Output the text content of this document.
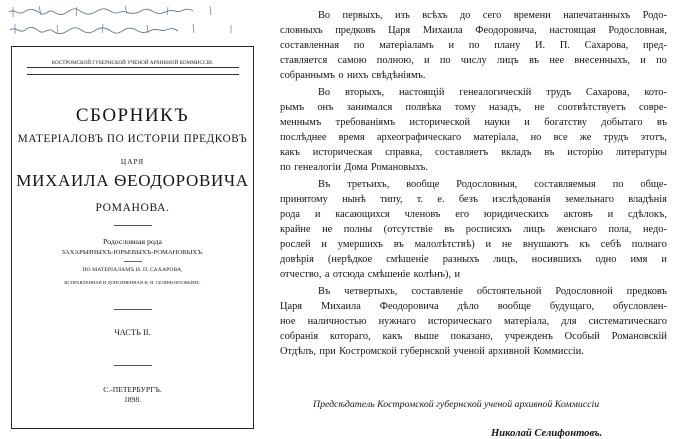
КОСТРОМСКОЙ ГУБЕРНСКОЙ УЧЕНОЙ АРХИВНОЙ КОММИССІИ.
СБОРНИКЪ
МАТЕРІАЛОВЪ ПО ИСТОРІИ ПРЕДКОВЪ
ЦАРЯ
МИХАИЛА ѲЕОДОРОВИЧА
РОМАНОВА.
Родословная рода
ЗАХАРЬИНЫХЪ-ЮРЬЕВЫХЪ-РОМАНОВЫХЪ.
ПО МАТЕРІАЛАМЪ И. П. САХАРОВА,
ИСПРАВЛЕННАЯ И ДОПОЛНЕННАЯ Н. Н. СЕЛИФОНТОВЫМЪ.
ЧАСТЬ II.
С.-ПЕТЕРБУРГЪ.
1898.
Во первыхъ, изъ всѣхъ до сего времени напечатанныхъ Родо-
словныхъ предковъ Царя Михаила Феодоровича, настоящая Родословная,
составленная по матеріаламъ и по плану И. П. Сахарова, пред-
ставляется самою полною, и по числу лицъ въ нее внесенныхъ, и по
собраннымъ о нихъ свѣдѣніямъ.
Во вторыхъ, настоящій генеалогическій трудъ Сахарова, кото-
рымъ онъ занимался полвѣка тому назадъ, не соотвѣтствуетъ совре-
меннымъ требованіямъ исторической науки и богатству добытаго въ
послѣднее время археографическаго матеріала, но все же трудъ этотъ,
какъ историческая справка, составляетъ вкладъ въ исторію литературы
по генеалогіи Дома Романовыхъ.
Въ третьихъ, вообще Родословныя, составляемыя по обще-
принятому нынѣ типу, т. е. безъ изслѣдованія земельнаго владѣнія
рода и касающихся членовъ его юридическихъ актовъ и сдѣлокъ,
крайне не полны (отсутствіе въ росписяхъ лицъ женскаго пола, недо-
рослей и умершихъ въ малолѣтствѣ) и не внушаютъ къ себѣ полнаго
довѣрія (нерѣдкое смѣшеніе разныхъ лицъ, носившихъ одно имя и
отчество, а отсюда смѣшеніе колѣнъ), и
Въ четвертыхъ, составленіе обстоятельной Родословной предковъ
Царя Михаила Феодоровича дѣло вообще будущаго, обусловлен-
ное наличностью нужнаго историческаго матеріала, для систематическаго
собранія котораго, какъ выше показано, учрежденъ Особый Романовскій
Отдѣлъ, при Костромской губернской ученой архивной Коммиссіи.
Предсѣдатель Костромской губернской ученой архивной Коммиссіи
Николай Селифонтовъ.
